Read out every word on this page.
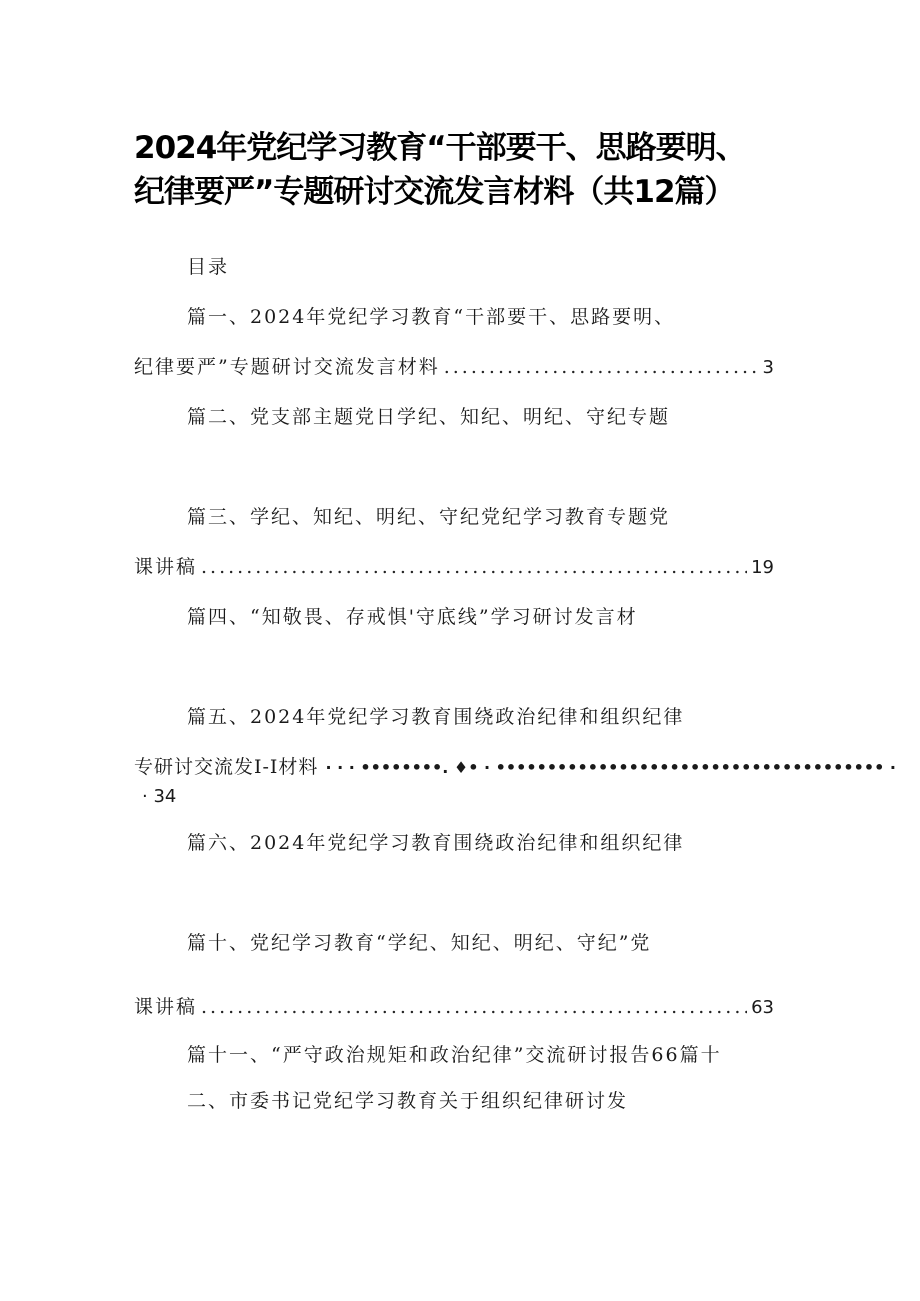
2024年党纪学习教育“干部要干、思路要明、
纪律要严”专题研讨交流发言材料（共12篇）
目录
篇一、2024年党纪学习教育“干部要干、思路要明、
纪律要严”专题研讨交流发言材料 .....	3
篇二、党支部主题党日学纪、知纪、明纪、守纪专题
篇三、学纪、知纪、明纪、守纪党纪学习教育专题党
课讲稿 .....	19
篇四、“知敬畏、存戒惧'守底线”学习研讨发言材
篇五、2024年党纪学习教育围绕政治纪律和组织纪律
专研讨交流发I-I材料 · · · ••••••••. ♦• · •••••••••••••••••••••••••••••••••••••• ·
· 34
篇六、2024年党纪学习教育围绕政治纪律和组织纪律
篇十、党纪学习教育“学纪、知纪、明纪、守纪”党
课讲稿 .....	63
篇十一、“严守政治规矩和政治纪律”交流研讨报告66篇十
二、市委书记党纪学习教育关于组织纪律研讨发
